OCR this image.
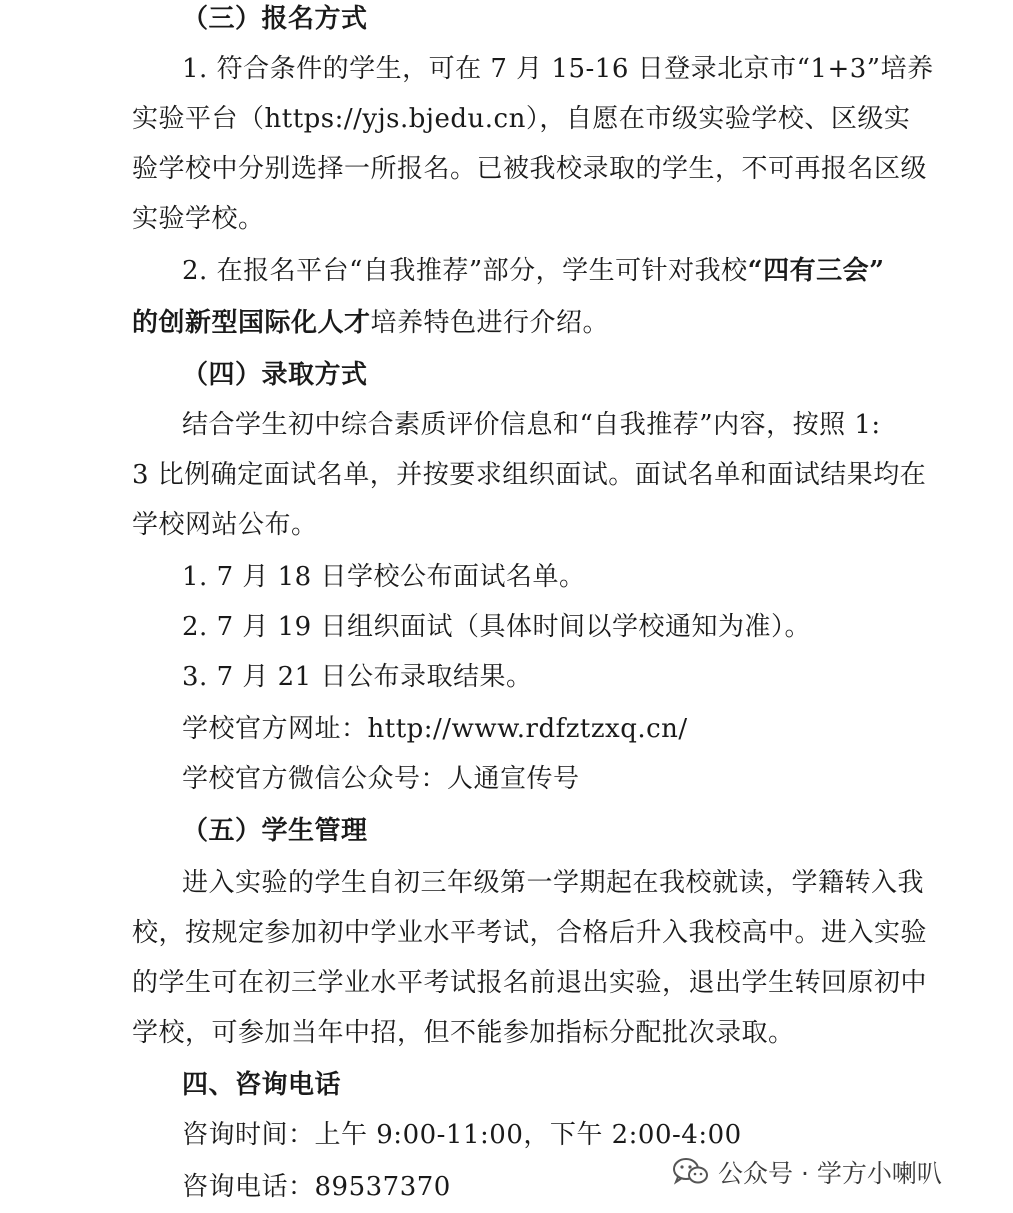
（三）报名方式
1. 符合条件的学生，可在 7 月 15-16 日登录北京市“1+3”培养
实验平台（https://yjs.bjedu.cn），自愿在市级实验学校、区级实
验学校中分别选择一所报名。已被我校录取的学生，不可再报名区级
实验学校。
2. 在报名平台“自我推荐”部分，学生可针对我校“四有三会”
的创新型国际化人才培养特色进行介绍。
（四）录取方式
结合学生初中综合素质评价信息和“自我推荐”内容，按照 1:
3 比例确定面试名单，并按要求组织面试。面试名单和面试结果均在
学校网站公布。
1. 7 月 18 日学校公布面试名单。
2. 7 月 19 日组织面试（具体时间以学校通知为准）。
3. 7 月 21 日公布录取结果。
学校官方网址：http://www.rdfztzxq.cn/
学校官方微信公众号：人通宣传号
（五）学生管理
进入实验的学生自初三年级第一学期起在我校就读，学籍转入我
校，按规定参加初中学业水平考试，合格后升入我校高中。进入实验
的学生可在初三学业水平考试报名前退出实验，退出学生转回原初中
学校，可参加当年中招，但不能参加指标分配批次录取。
四、咨询电话
咨询时间：上午 9:00-11:00，下午 2:00-4:00
咨询电话：89537370	公众号 · 学方小喇叭
